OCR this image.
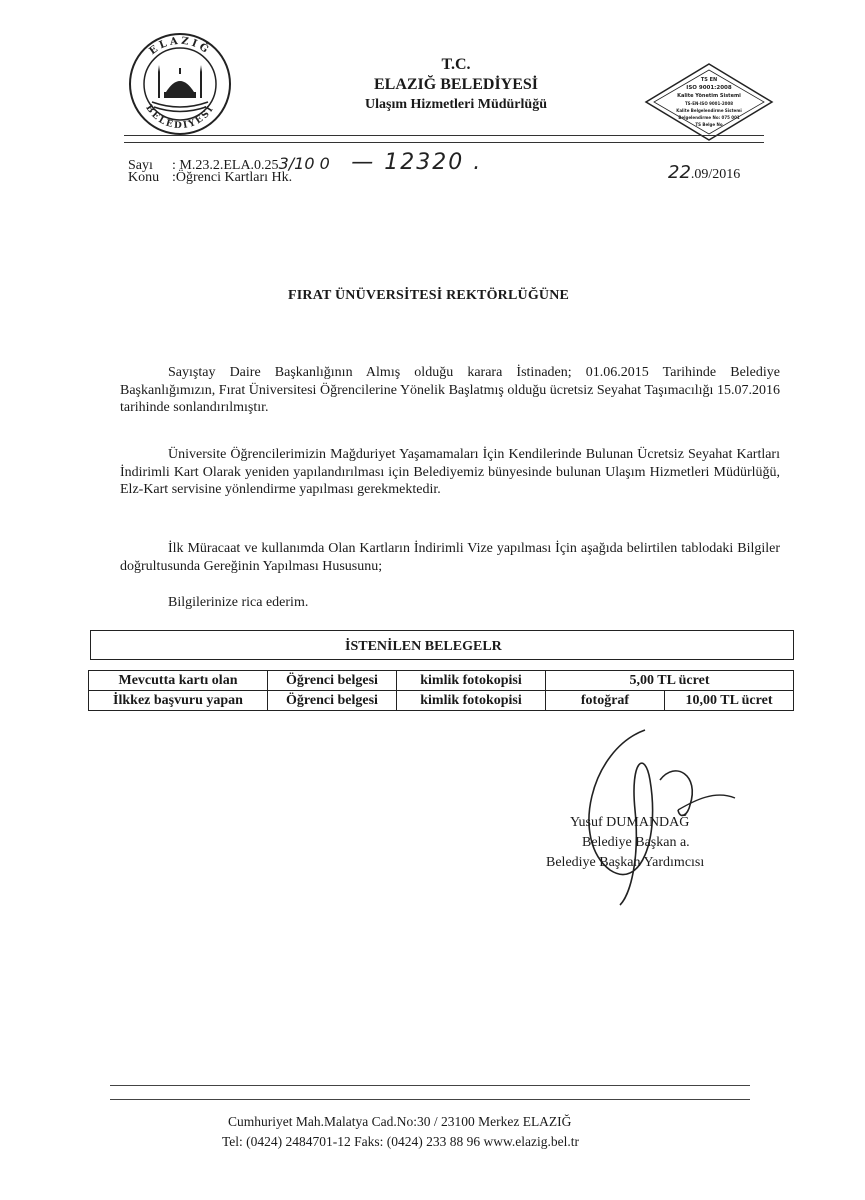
ELAZIĞ
BELEDİYESİ
T.C.
ELAZIĞ BELEDİYESİ
Ulaşım Hizmetleri Müdürlüğü
TS EN
ISO 9001:2008
Kalite Yönetim Sistemi
TS-EN-ISO 9001-2008
Kalite Belgelendirme Sistemi
Belgelendirme No: 075 001
TS Belge No
Sayı : M.23.2.ELA.0.253/10 0 — 12320 .
Konu :Öğrenci Kartları Hk.	22.09/2016
FIRAT ÜNÜVERSİTESİ REKTÖRLÜĞÜNE

Sayıştay Daire Başkanlığının Almış olduğu karara İstinaden; 01.06.2015 Tarihinde Belediye Başkanlığımızın, Fırat Üniversitesi Öğrencilerine Yönelik Başlatmış olduğu ücretsiz Seyahat Taşımacılığı 15.07.2016 tarihinde sonlandırılmıştır.

Üniversite Öğrencilerimizin Mağduriyet Yaşamamaları İçin Kendilerinde Bulunan Ücretsiz Seyahat Kartları İndirimli Kart Olarak yeniden yapılandırılması için Belediyemiz bünyesinde bulunan Ulaşım Hizmetleri Müdürlüğü, Elz-Kart servisine yönlendirme yapılması gerekmektedir.

İlk Müracaat ve kullanımda Olan Kartların İndirimli Vize yapılması İçin aşağıda belirtilen tablodaki Bilgiler doğrultusunda Gereğinin Yapılması Hususunu;

Bilgilerinize rica ederim.

İSTENİLEN BELEGELR
Mevcutta kartı olan	Öğrenci belgesi	kimlik fotokopisi	5,00 TL ücret	
İlkkez başvuru yapan	Öğrenci belgesi	kimlik fotokopisi	fotoğraf	10,00 TL ücret
Yusuf DUMANDAĞ
Belediye Başkan a.
Belediye Başkan Yardımcısı
Cumhuriyet Mah.Malatya Cad.No:30 / 23100 Merkez ELAZIĞ
Tel: (0424) 2484701-12 Faks: (0424) 233 88 96 www.elazig.bel.tr
